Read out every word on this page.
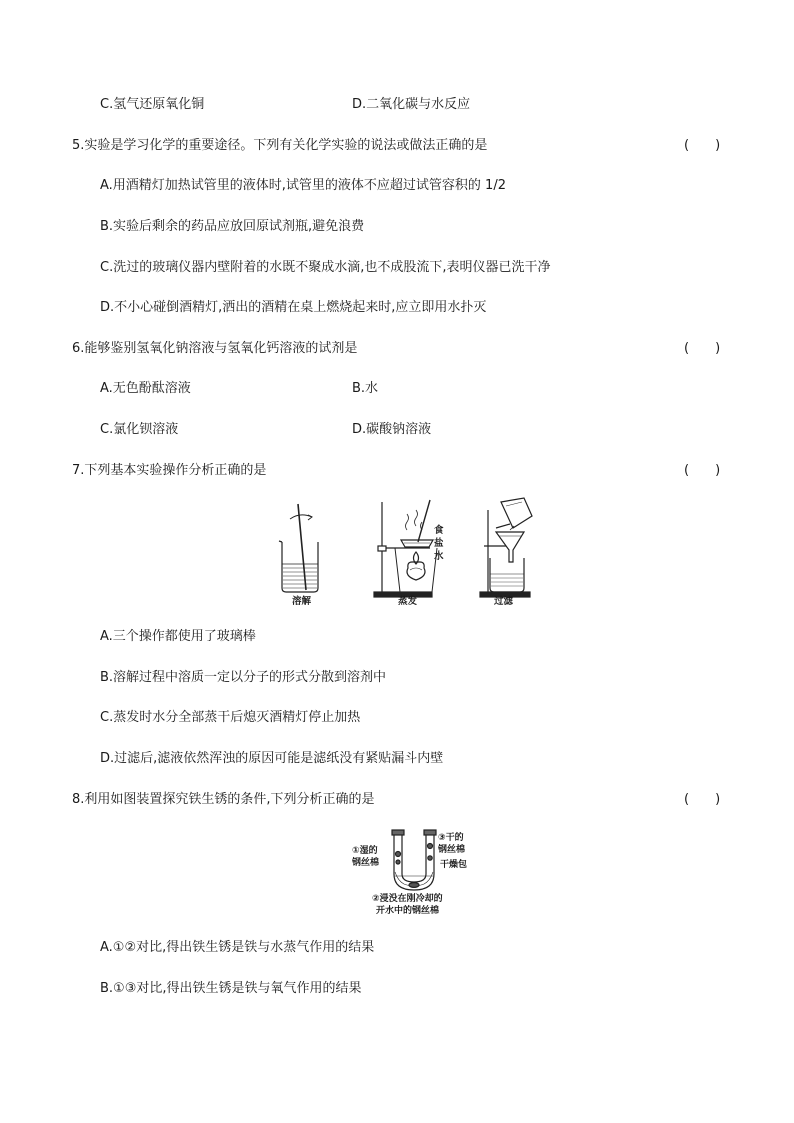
C.氢气还原氧化铜	D.二氧化碳与水反应
5.实验是学习化学的重要途径。下列有关化学实验的说法或做法正确的是	(　　)
A.用酒精灯加热试管里的液体时,试管里的液体不应超过试管容积的 1/2
B.实验后剩余的药品应放回原试剂瓶,避免浪费
C.洗过的玻璃仪器内壁附着的水既不聚成水滴,也不成股流下,表明仪器已洗干净
D.不小心碰倒酒精灯,洒出的酒精在桌上燃烧起来时,应立即用水扑灭
6.能够鉴别氢氧化钠溶液与氢氧化钙溶液的试剂是	(　　)
A.无色酚酞溶液	B.水
C.氯化钡溶液	D.碳酸钠溶液
7.下列基本实验操作分析正确的是	(　　)
食
盐
水
溶解	蒸发	过滤
A.三个操作都使用了玻璃棒
B.溶解过程中溶质一定以分子的形式分散到溶剂中
C.蒸发时水分全部蒸干后熄灭酒精灯停止加热
D.过滤后,滤液依然浑浊的原因可能是滤纸没有紧贴漏斗内壁
8.利用如图装置探究铁生锈的条件,下列分析正确的是	(　　)
①湿的
钢丝棉
③干的
钢丝棉
干燥包
②浸没在刚冷却的
开水中的钢丝棉
A.①②对比,得出铁生锈是铁与水蒸气作用的结果
B.①③对比,得出铁生锈是铁与氧气作用的结果
